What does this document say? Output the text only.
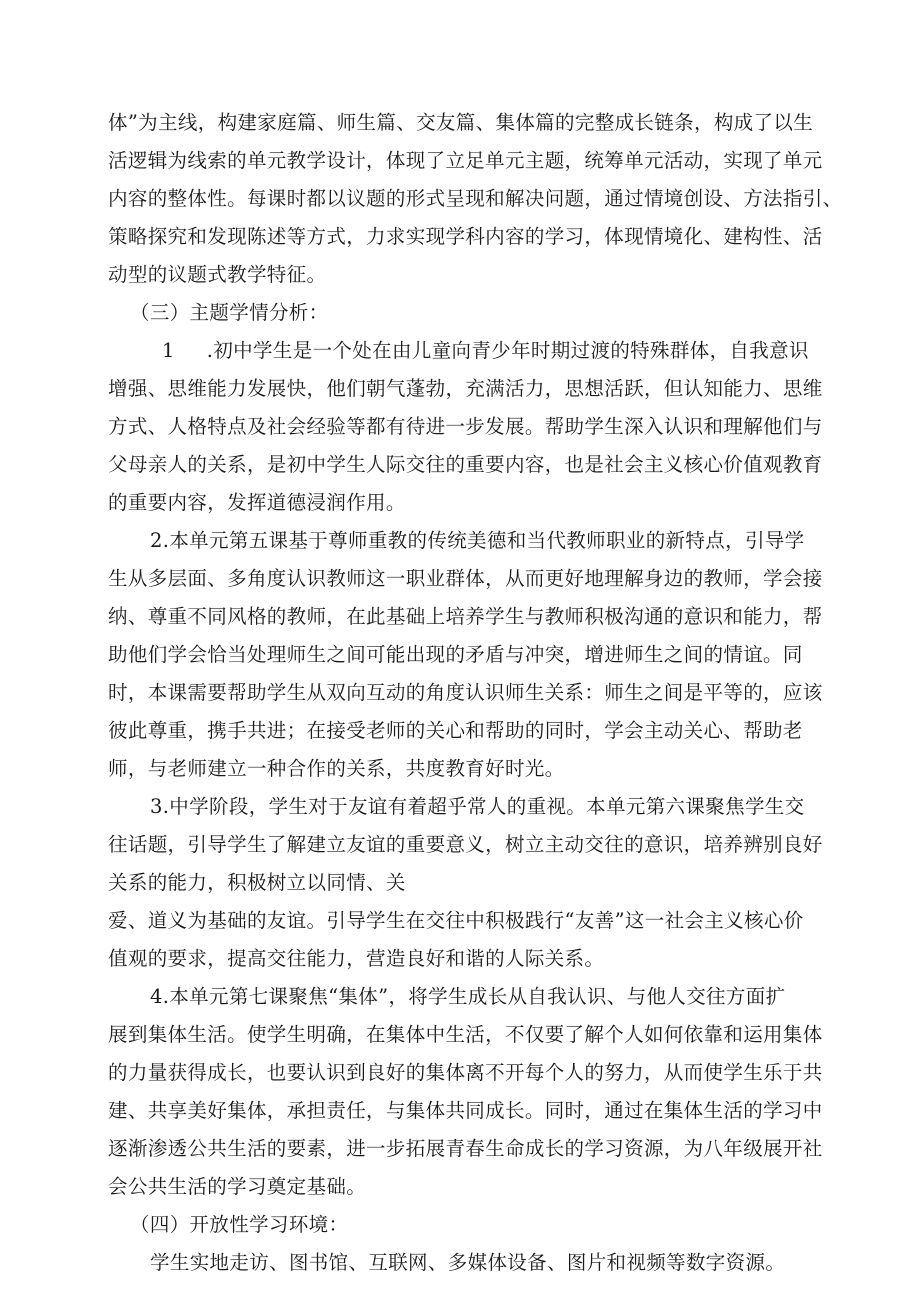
体”为主线，构建家庭篇、师生篇、交友篇、集体篇的完整成长链条，构成了以生
活逻辑为线索的单元教学设计，体现了立足单元主题，统筹单元活动，实现了单元
内容的整体性。每课时都以议题的形式呈现和解决问题，通过情境创设、方法指引、
策略探究和发现陈述等方式，力求实现学科内容的学习，体现情境化、建构性、活
动型的议题式教学特征。
（三）主题学情分析：
1 .初中学生是一个处在由儿童向青少年时期过渡的特殊群体，自我意识
增强、思维能力发展快，他们朝气蓬勃，充满活力，思想活跃，但认知能力、思维
方式、人格特点及社会经验等都有待进一步发展。帮助学生深入认识和理解他们与
父母亲人的关系，是初中学生人际交往的重要内容，也是社会主义核心价值观教育
的重要内容，发挥道德浸润作用。
2.本单元第五课基于尊师重教的传统美德和当代教师职业的新特点，引导学
生从多层面、多角度认识教师这一职业群体，从而更好地理解身边的教师，学会接
纳、尊重不同风格的教师，在此基础上培养学生与教师积极沟通的意识和能力，帮
助他们学会恰当处理师生之间可能出现的矛盾与冲突，增进师生之间的情谊。同
时，本课需要帮助学生从双向互动的角度认识师生关系：师生之间是平等的，应该
彼此尊重，携手共进；在接受老师的关心和帮助的同时，学会主动关心、帮助老
师，与老师建立一种合作的关系，共度教育好时光。
3.中学阶段，学生对于友谊有着超乎常人的重视。本单元第六课聚焦学生交
往话题，引导学生了解建立友谊的重要意义，树立主动交往的意识，培养辨别良好
关系的能力，积极树立以同情、关
爱、道义为基础的友谊。引导学生在交往中积极践行“友善”这一社会主义核心价
值观的要求，提高交往能力，营造良好和谐的人际关系。
4.本单元第七课聚焦“集体”，将学生成长从自我认识、与他人交往方面扩
展到集体生活。使学生明确，在集体中生活，不仅要了解个人如何依靠和运用集体
的力量获得成长，也要认识到良好的集体离不开每个人的努力，从而使学生乐于共
建、共享美好集体，承担责任，与集体共同成长。同时，通过在集体生活的学习中
逐渐渗透公共生活的要素，进一步拓展青春生命成长的学习资源，为八年级展开社
会公共生活的学习奠定基础。
（四）开放性学习环境：
学生实地走访、图书馆、互联网、多媒体设备、图片和视频等数字资源。
